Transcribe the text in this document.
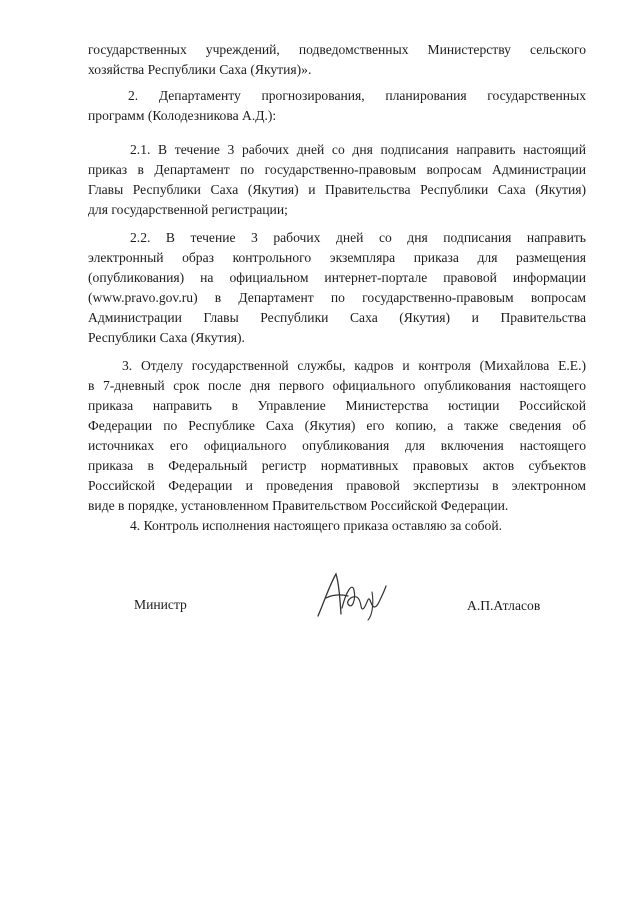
государственных учреждений, подведомственных Министерству сельского
хозяйства Республики Саха (Якутия)».
2. Департаменту прогнозирования, планирования государственных
программ (Колодезникова А.Д.):
2.1. В течение 3 рабочих дней со дня подписания направить настоящий
приказ в Департамент по государственно-правовым вопросам Администрации
Главы Республики Саха (Якутия) и Правительства Республики Саха (Якутия)
для государственной регистрации;
2.2. В течение 3 рабочих дней со дня подписания направить
электронный образ контрольного экземпляра приказа для размещения
(опубликования) на официальном интернет-портале правовой информации
(www.pravo.gov.ru) в Департамент по государственно-правовым вопросам
Администрации Главы Республики Саха (Якутия) и Правительства
Республики Саха (Якутия).
3. Отделу государственной службы, кадров и контроля (Михайлова Е.Е.)
в 7-дневный срок после дня первого официального опубликования настоящего
приказа направить в Управление Министерства юстиции Российской
Федерации по Республике Саха (Якутия) его копию, а также сведения об
источниках его официального опубликования для включения настоящего
приказа в Федеральный регистр нормативных правовых актов субъектов
Российской Федерации и проведения правовой экспертизы в электронном
виде в порядке, установленном Правительством Российской Федерации.
4. Контроль исполнения настоящего приказа оставляю за собой.
Министр	А.П.Атласов
